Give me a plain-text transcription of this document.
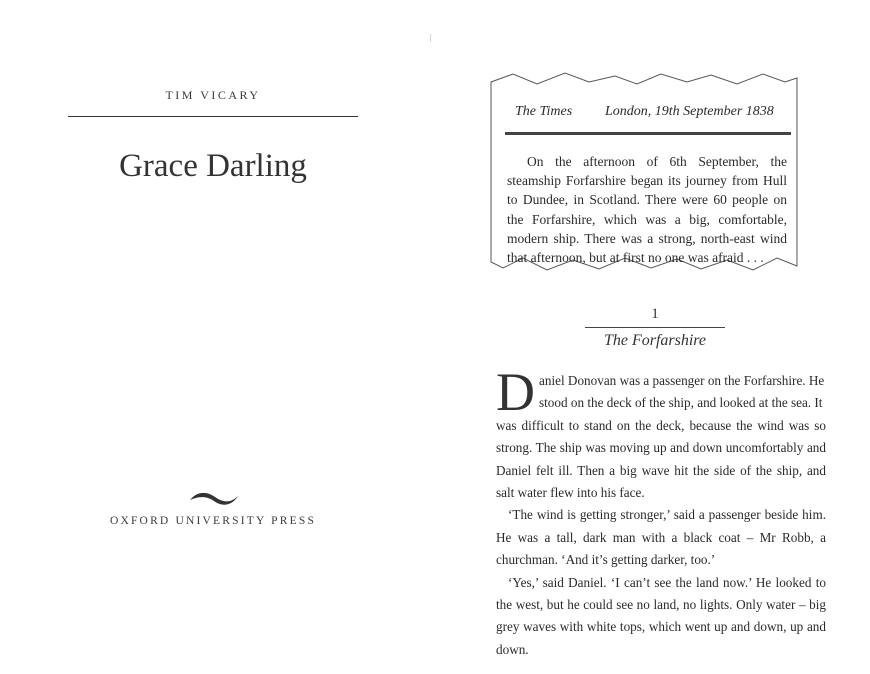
TIM VICARY
Grace Darling
OXFORD UNIVERSITY PRESS
The Times London, 19th September 1838
On the afternoon of 6th September, the steamship Forfarshire began its journey from Hull to Dundee, in Scotland. There were 60 people on the Forfarshire, which was a big, comfortable, modern ship. There was a strong, north-east wind that afternoon, but at first no one was afraid . . .
1
The Forfarshire

D aniel Donovan was a passenger on the Forfarshire. He
stood on the deck of the ship, and looked at the sea. It
was difficult to stand on the deck, because the wind was so strong. The ship was moving up and down uncomfortably and Daniel felt ill. Then a big wave hit the side of the ship, and salt water flew into his face.

‘The wind is getting stronger,’ said a passenger beside him. He was a tall, dark man with a black coat – Mr Robb, a churchman. ‘And it’s getting darker, too.’

‘Yes,’ said Daniel. ‘I can’t see the land now.’ He looked to the west, but he could see no land, no lights. Only water – big grey waves with white tops, which went up and down, up and down.
